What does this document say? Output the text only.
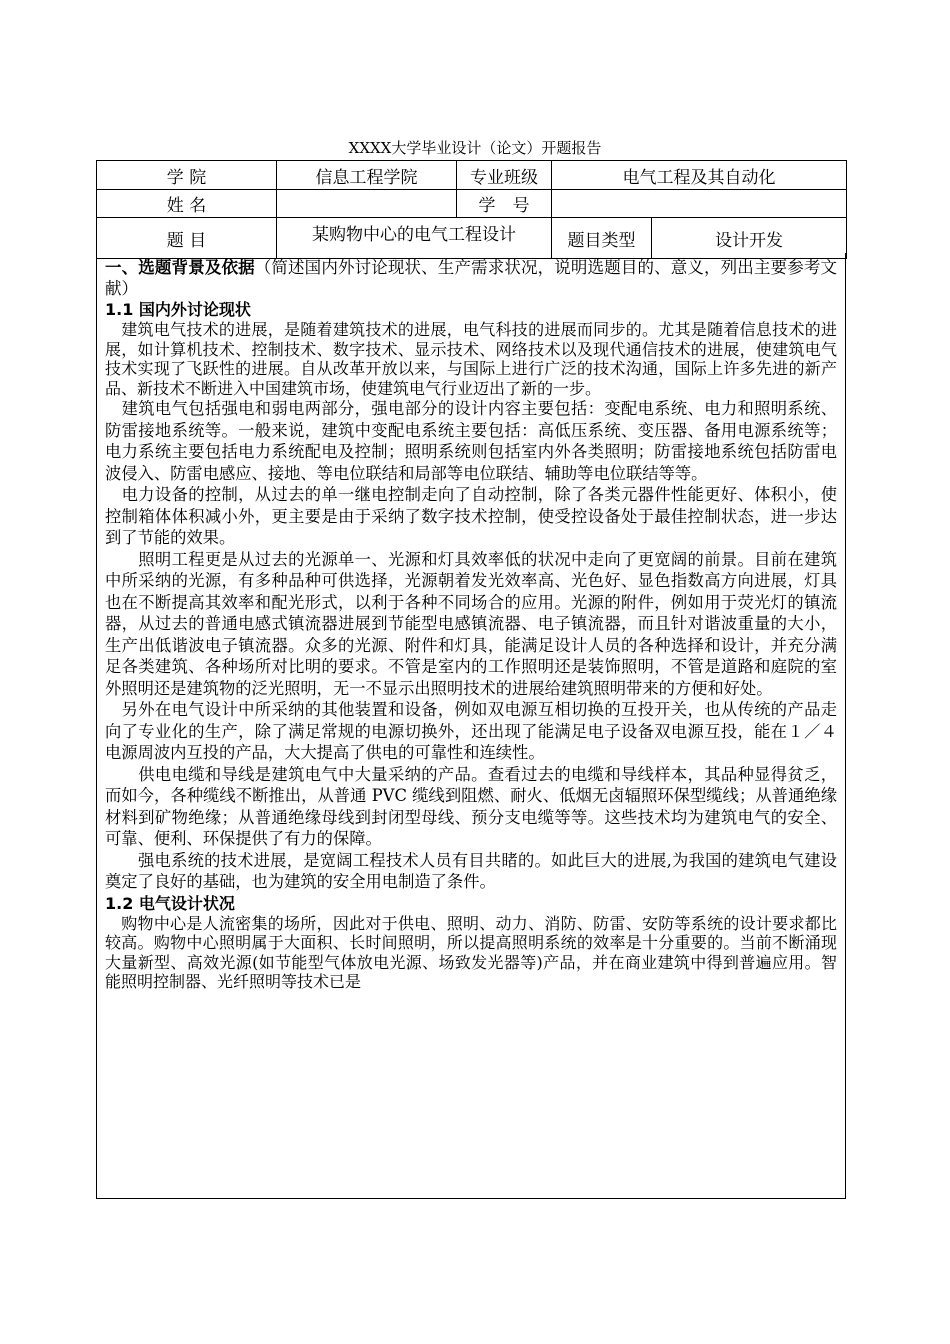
XXXX大学毕业设计（论文）开题报告
学 院	信息工程学院	专业班级	电气工程及其自动化	
姓 名		学　号		
题 目	某购物中心的电气工程设计		题目类型	设计开发

一、选题背景及依据（简述国内外讨论现状、生产需求状况，说明选题目的、意义，列出主要参考文献）

1.1 国内外讨论现状

　建筑电气技术的进展，是随着建筑技术的进展，电气科技的进展而同步的。尤其是随着信息技术的进展，如计算机技术、控制技术、数字技术、显示技术、网络技术以及现代通信技术的进展，使建筑电气技术实现了飞跃性的进展。自从改革开放以来，与国际上进行广泛的技术沟通，国际上许多先进的新产品、新技术不断进入中国建筑市场，使建筑电气行业迈出了新的一步。

　建筑电气包括强电和弱电两部分，强电部分的设计内容主要包括：变配电系统、电力和照明系统、防雷接地系统等。一般来说，建筑中变配电系统主要包括：高低压系统、变压器、备用电源系统等；电力系统主要包括电力系统配电及控制；照明系统则包括室内外各类照明；防雷接地系统包括防雷电波侵入、防雷电感应、接地、等电位联结和局部等电位联结、辅助等电位联结等等。

　电力设备的控制，从过去的单一继电控制走向了自动控制，除了各类元器件性能更好、体积小，使控制箱体体积减小外，更主要是由于采纳了数字技术控制，使受控设备处于最佳控制状态，进一步达到了节能的效果。

　　照明工程更是从过去的光源单一、光源和灯具效率低的状况中走向了更宽阔的前景。目前在建筑中所采纳的光源，有多种品种可供选择，光源朝着发光效率高、光色好、显色指数高方向进展，灯具也在不断提高其效率和配光形式，以利于各种不同场合的应用。光源的附件，例如用于荧光灯的镇流器，从过去的普通电感式镇流器进展到节能型电感镇流器、电子镇流器，而且针对谐波重量的大小，生产出低谐波电子镇流器。众多的光源、附件和灯具，能满足设计人员的各种选择和设计，并充分满足各类建筑、各种场所对比明的要求。不管是室内的工作照明还是装饰照明，不管是道路和庭院的室外照明还是建筑物的泛光照明，无一不显示出照明技术的进展给建筑照明带来的方便和好处。

　另外在电气设计中所采纳的其他装置和设备，例如双电源互相切换的互投开关，也从传统的产品走向了专业化的生产，除了满足常规的电源切换外，还出现了能满足电子设备双电源互投，能在１／４电源周波内互投的产品，大大提高了供电的可靠性和连续性。

　　供电电缆和导线是建筑电气中大量采纳的产品。查看过去的电缆和导线样本，其品种显得贫乏，而如今，各种缆线不断推出，从普通 PVC 缆线到阻燃、耐火、低烟无卤辐照环保型缆线；从普通绝缘材料到矿物绝缘；从普通绝缘母线到封闭型母线、预分支电缆等等。这些技术均为建筑电气的安全、可靠、便利、环保提供了有力的保障。

　　强电系统的技术进展，是宽阔工程技术人员有目共睹的。如此巨大的进展,为我国的建筑电气建设奠定了良好的基础，也为建筑的安全用电制造了条件。

1.2 电气设计状况

　购物中心是人流密集的场所，因此对于供电、照明、动力、消防、防雷、安防等系统的设计要求都比较高。购物中心照明属于大面积、长时间照明，所以提高照明系统的效率是十分重要的。当前不断涌现大量新型、高效光源(如节能型气体放电光源、场致发光器等)产品，并在商业建筑中得到普遍应用。智能照明控制器、光纤照明等技术已是
